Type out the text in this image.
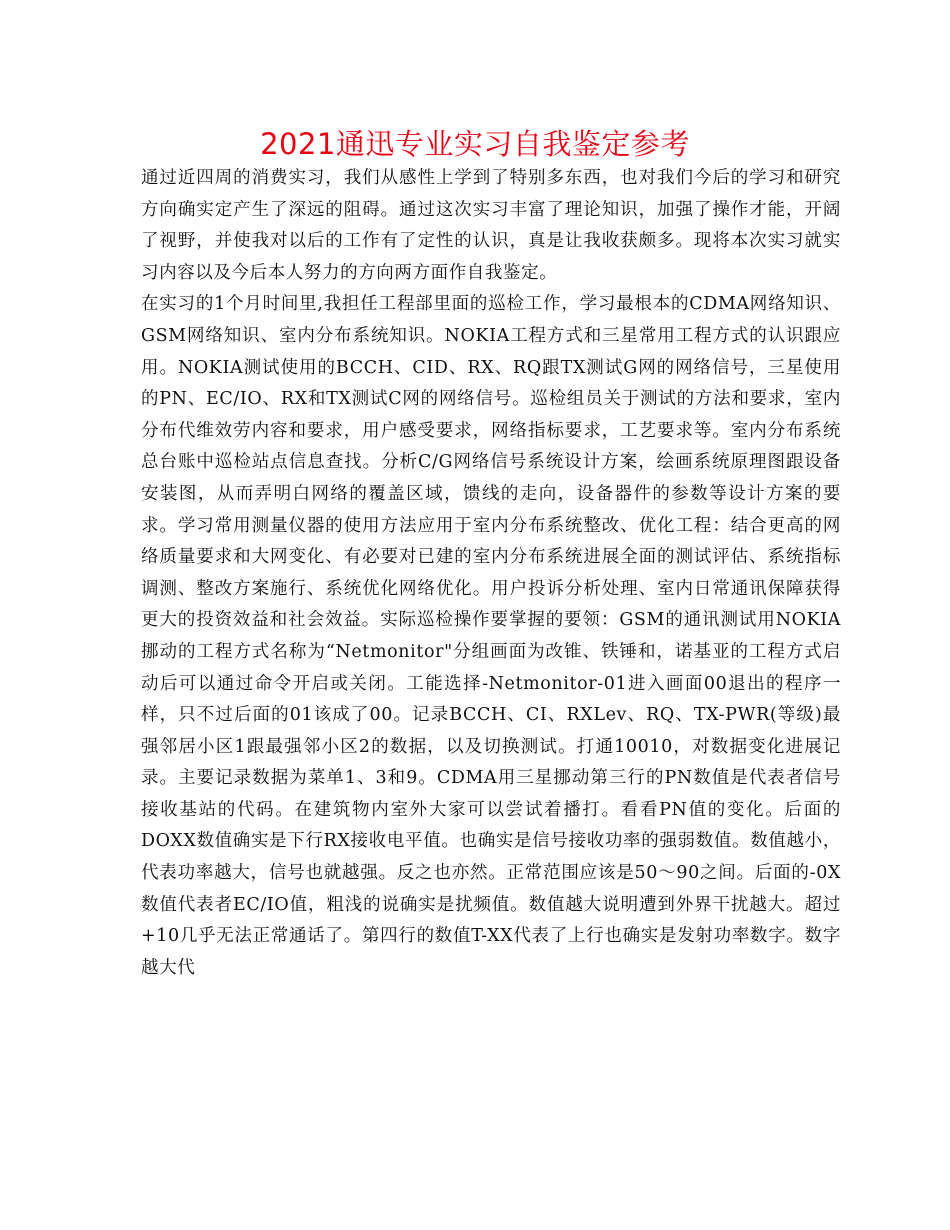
2021通迅专业实习自我鉴定参考

通过近四周的消费实习，我们从感性上学到了特别多东西，也对我们今后的学习和研究方向确实定产生了深远的阻碍。通过这次实习丰富了理论知识，加强了操作才能，开阔了视野，并使我对以后的工作有了定性的认识，真是让我收获颇多。现将本次实习就实习内容以及今后本人努力的方向两方面作自我鉴定。

在实习的1个月时间里,我担任工程部里面的巡检工作，学习最根本的CDMA网络知识、GSM网络知识、室内分布系统知识。NOKIA工程方式和三星常用工程方式的认识跟应用。NOKIA测试使用的BCCH、CID、RX、RQ跟TX测试G网的网络信号，三星使用的PN、EC/IO、RX和TX测试C网的网络信号。巡检组员关于测试的方法和要求，室内分布代维效劳内容和要求，用户感受要求，网络指标要求，工艺要求等。室内分布系统总台账中巡检站点信息查找。分析C/G网络信号系统设计方案，绘画系统原理图跟设备安装图，从而弄明白网络的覆盖区域，馈线的走向，设备器件的参数等设计方案的要求。学习常用测量仪器的使用方法应用于室内分布系统整改、优化工程：结合更高的网络质量要求和大网变化、有必要对已建的室内分布系统进展全面的测试评估、系统指标调测、整改方案施行、系统优化网络优化。用户投诉分析处理、室内日常通讯保障获得更大的投资效益和社会效益。实际巡检操作要掌握的要领：GSM的通讯测试用NOKIA挪动的工程方式名称为“Netmonitor"分组画面为改锥、铁锤和，诺基亚的工程方式启动后可以通过命令开启或关闭。工能选择-Netmonitor-01进入画面00退出的程序一样，只不过后面的01该成了00。记录BCCH、CI、RXLev、RQ、TX-PWR(等级)最强邻居小区1跟最强邻小区2的数据，以及切换测试。打通10010，对数据变化进展记录。主要记录数据为菜单1、3和9。CDMA用三星挪动第三行的PN数值是代表者信号接收基站的代码。在建筑物内室外大家可以尝试着播打。看看PN值的变化。后面的DOXX数值确实是下行RX接收电平值。也确实是信号接收功率的强弱数值。数值越小，代表功率越大，信号也就越强。反之也亦然。正常范围应该是50～90之间。后面的-0X数值代表者EC/IO值，粗浅的说确实是扰频值。数值越大说明遭到外界干扰越大。超过+10几乎无法正常通话了。第四行的数值T-XX代表了上行也确实是发射功率数字。数字越大代
